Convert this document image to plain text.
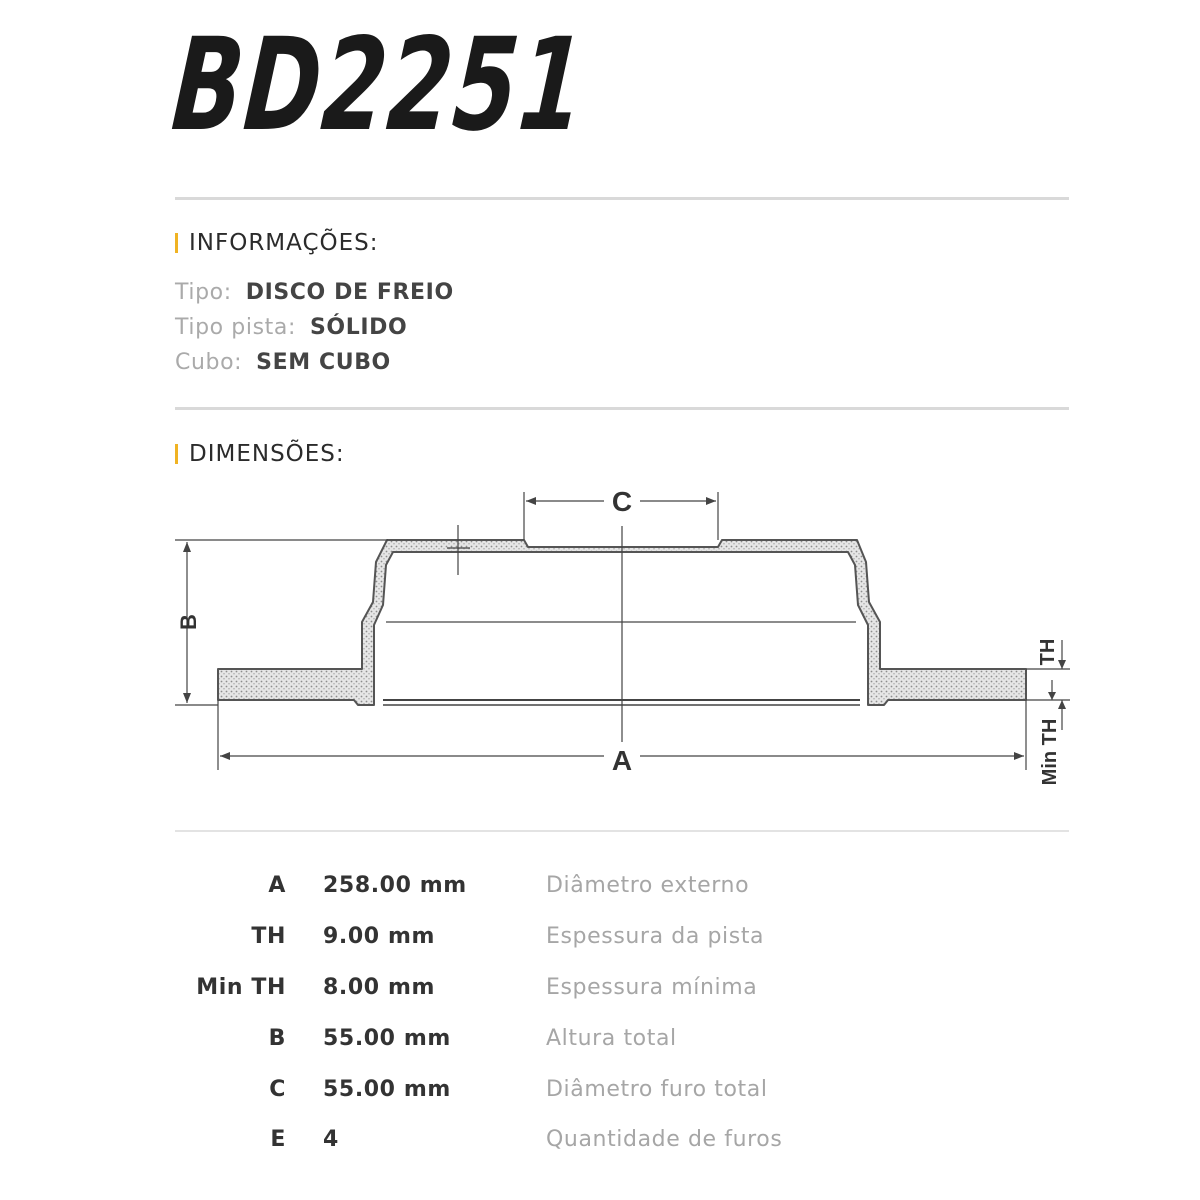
BD2251
INFORMAÇÕES:
Tipo: DISCO DE FREIO
Tipo pista: SÓLIDO
Cubo: SEM CUBO
DIMENSÕES:
B
C
A
TH
Min TH
A 258.00 mm	Diâmetro externo
TH 9.00 mm	Espessura da pista
Min TH 8.00 mm	Espessura mínima
B 55.00 mm	Altura total
C 55.00 mm	Diâmetro furo total
E 4	Quantidade de furos
